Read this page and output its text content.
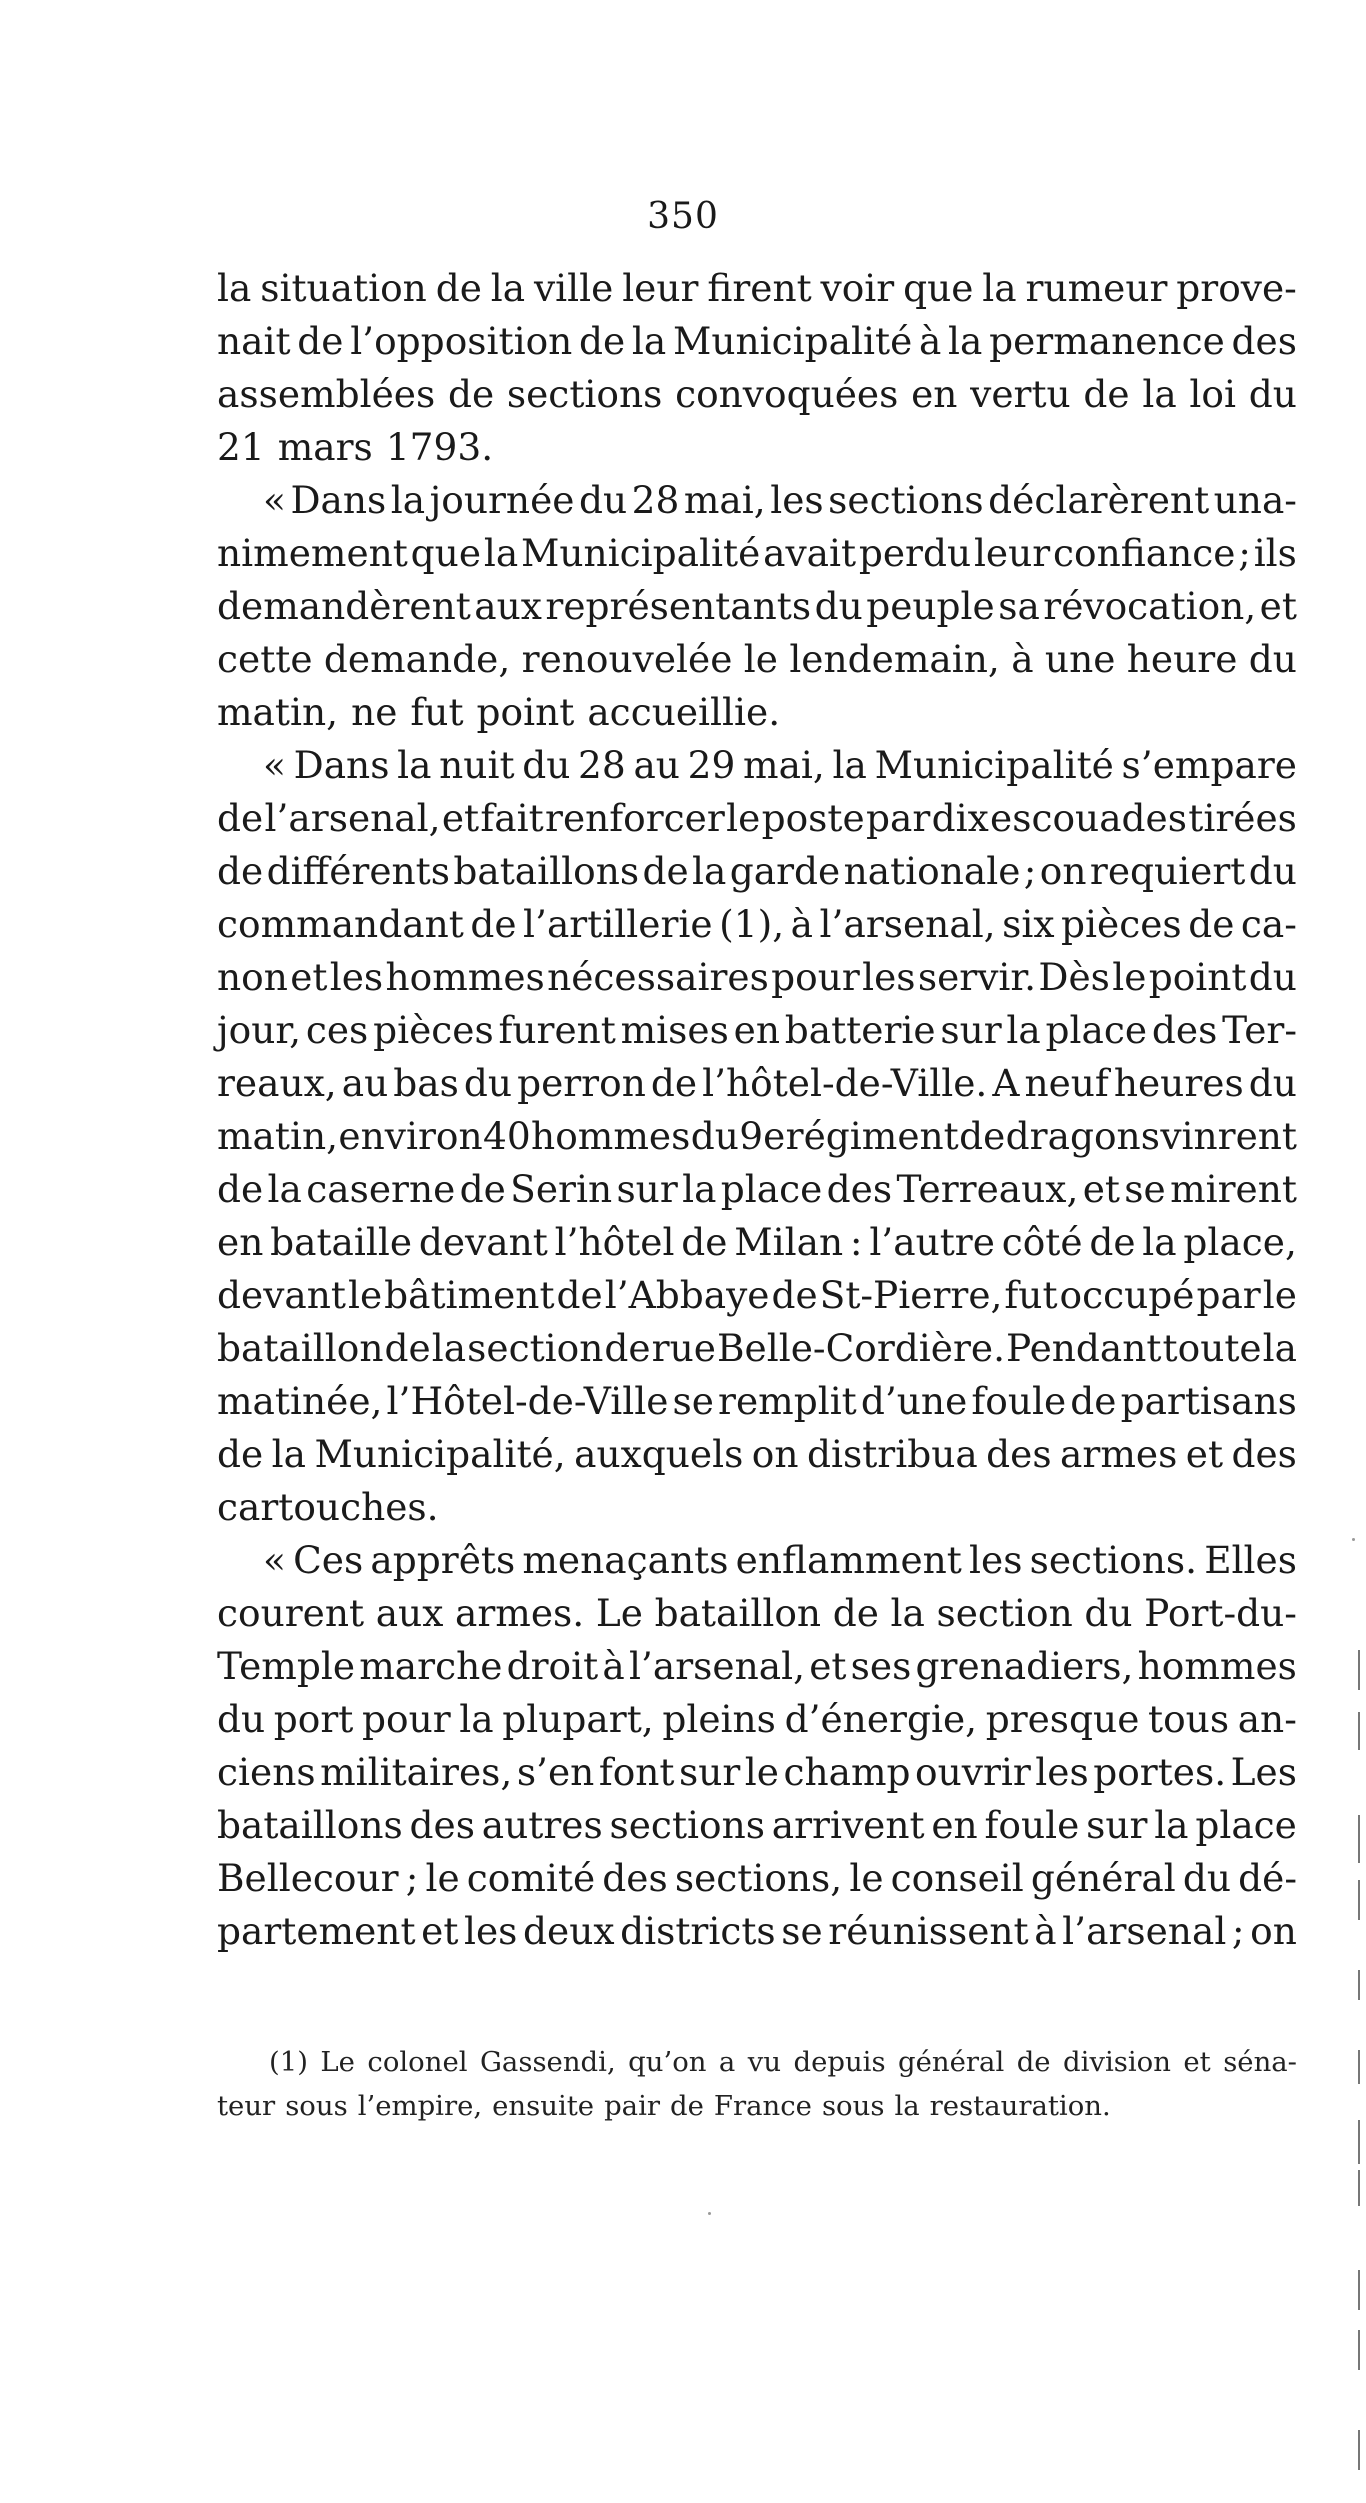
350
la situation de la ville leur firent voir que la rumeur prove-
nait de l’opposition de la Municipalité à la permanence des
assemblées de sections convoquées en vertu de la loi du
21 mars 1793.
« Dans la journée du 28 mai, les sections déclarèrent una-
nimement que la Municipalité avait perdu leur confiance ; ils
demandèrent aux représentants du peuple sa révocation, et
cette demande, renouvelée le lendemain, à une heure du
matin, ne fut point accueillie.
« Dans la nuit du 28 au 29 mai, la Municipalité s’empare
de l’arsenal, et fait renforcer le poste par dix escouades tirées
de différents bataillons de la garde nationale ; on requiert du
commandant de l’artillerie (1), à l’arsenal, six pièces de ca-
non et les hommes nécessaires pour les servir. Dès le point du
jour, ces pièces furent mises en batterie sur la place des Ter-
reaux, au bas du perron de l’hôtel-de-Ville. A neuf heures du
matin, environ 40 hommes du 9e régiment de dragons vinrent
de la caserne de Serin sur la place des Terreaux, et se mirent
en bataille devant l’hôtel de Milan : l’autre côté de la place,
devant le bâtiment de l’Abbaye de St-Pierre, fut occupé par le
bataillon de la section de rue Belle-Cordière. Pendant toute la
matinée, l’Hôtel-de-Ville se remplit d’une foule de partisans
de la Municipalité, auxquels on distribua des armes et des
cartouches.
« Ces apprêts menaçants enflamment les sections. Elles
courent aux armes. Le bataillon de la section du Port-du-
Temple marche droit à l’arsenal, et ses grenadiers, hommes
du port pour la plupart, pleins d’énergie, presque tous an-
ciens militaires, s’en font sur le champ ouvrir les portes. Les
bataillons des autres sections arrivent en foule sur la place
Bellecour ; le comité des sections, le conseil général du dé-
partement et les deux districts se réunissent à l’arsenal ; on
(1) Le colonel Gassendi, qu’on a vu depuis général de division et séna-
teur sous l’empire, ensuite pair de France sous la restauration.
